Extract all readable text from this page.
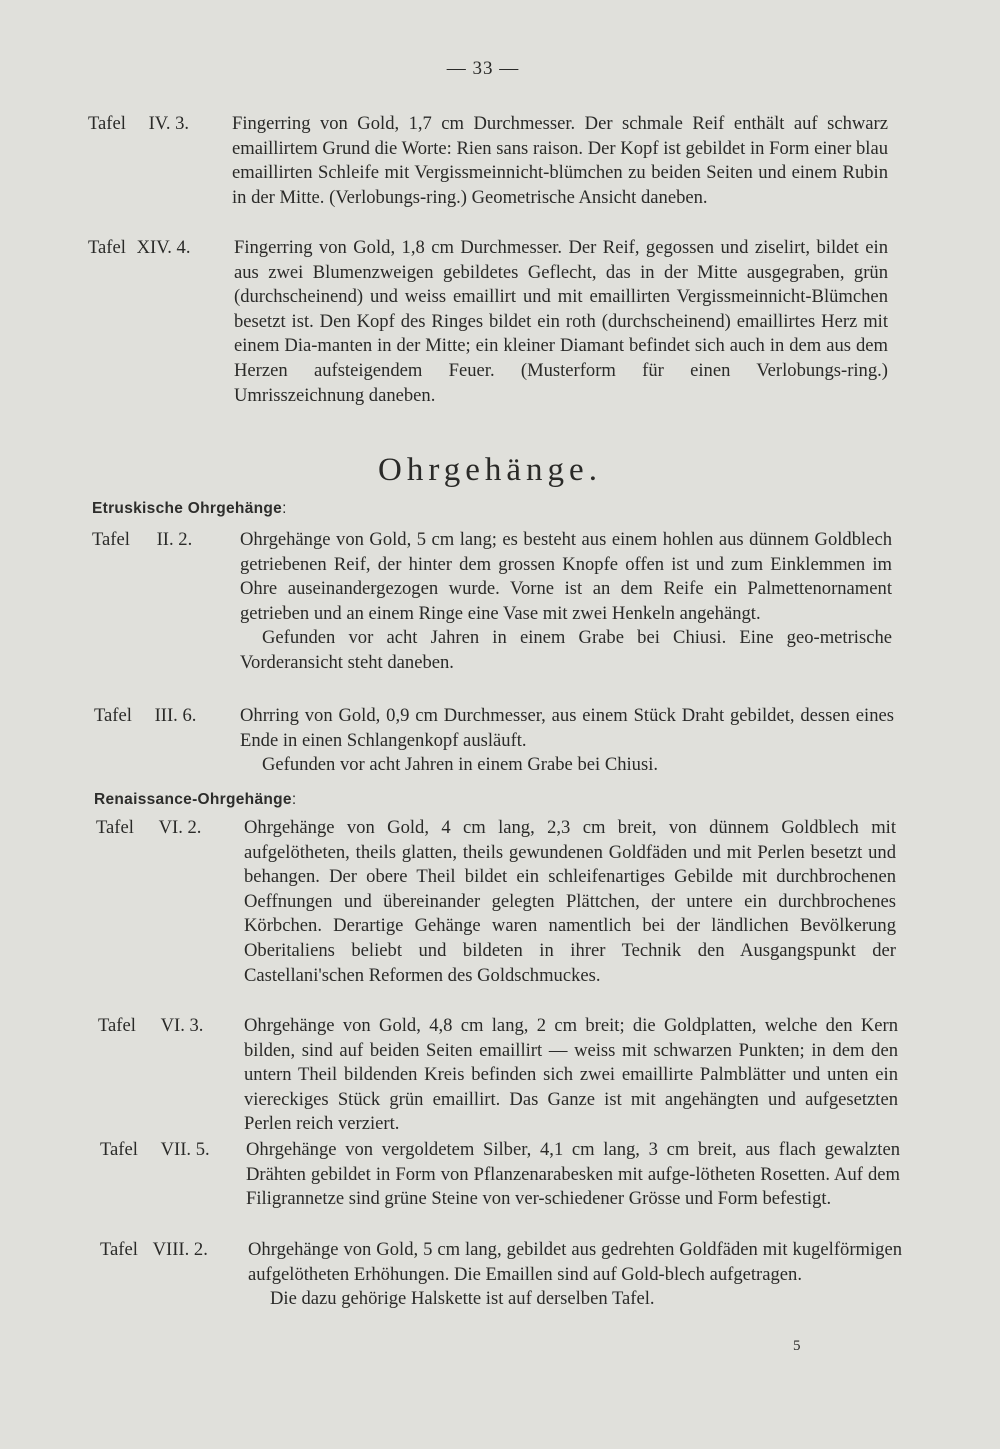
— 33 —
Tafel IV. 3. Fingerring von Gold, 1,7 cm Durchmesser. Der schmale Reif enthält auf schwarz emaillirtem Grund die Worte: Rien sans raison. Der Kopf ist gebildet in Form einer blau emaillirten Schleife mit Vergissmeinnicht-blümchen zu beiden Seiten und einem Rubin in der Mitte. (Verlobungs-ring.) Geometrische Ansicht daneben.

Tafel XIV. 4. Fingerring von Gold, 1,8 cm Durchmesser. Der Reif, gegossen und ziselirt, bildet ein aus zwei Blumenzweigen gebildetes Geflecht, das in der Mitte ausgegraben, grün (durchscheinend) und weiss emaillirt und mit emaillirten Vergissmeinnicht-Blümchen besetzt ist. Den Kopf des Ringes bildet ein roth (durchscheinend) emaillirtes Herz mit einem Dia-manten in der Mitte; ein kleiner Diamant befindet sich auch in dem aus dem Herzen aufsteigendem Feuer. (Musterform für einen Verlobungs-ring.) Umrisszeichnung daneben.

Ohrgehänge.
Etruskische Ohrgehänge:
Tafel II. 2.	Ohrgehänge von Gold, 5 cm lang; es besteht aus einem hohlen aus dünnem Goldblech getriebenen Reif, der hinter dem grossen Knopfe offen ist und zum Einklemmen im Ohre auseinandergezogen wurde. Vorne ist an dem Reife ein Palmettenornament getrieben und an einem Ringe eine Vase mit zwei Henkeln angehängt.

Gefunden vor acht Jahren in einem Grabe bei Chiusi. Eine geo-metrische Vorderansicht steht daneben.

Tafel III. 6. Ohrring von Gold, 0,9 cm Durchmesser, aus einem Stück Draht gebildet, dessen eines Ende in einen Schlangenkopf ausläuft.

Gefunden vor acht Jahren in einem Grabe bei Chiusi.

Renaissance-Ohrgehänge:
Tafel VI. 2. Ohrgehänge von Gold, 4 cm lang, 2,3 cm breit, von dünnem Goldblech mit aufgelötheten, theils glatten, theils gewundenen Goldfäden und mit Perlen besetzt und behangen. Der obere Theil bildet ein schleifenartiges Gebilde mit durchbrochenen Oeffnungen und übereinander gelegten Plättchen, der untere ein durchbrochenes Körbchen. Derartige Gehänge waren namentlich bei der ländlichen Bevölkerung Oberitaliens beliebt und bildeten in ihrer Technik den Ausgangspunkt der Castellani'schen Reformen des Goldschmuckes.

Tafel VI. 3. Ohrgehänge von Gold, 4,8 cm lang, 2 cm breit; die Goldplatten, welche den Kern bilden, sind auf beiden Seiten emaillirt — weiss mit schwarzen Punkten; in dem den untern Theil bildenden Kreis befinden sich zwei emaillirte Palmblätter und unten ein viereckiges Stück grün emaillirt. Das Ganze ist mit angehängten und aufgesetzten Perlen reich verziert.

Tafel VII. 5. Ohrgehänge von vergoldetem Silber, 4,1 cm lang, 3 cm breit, aus flach gewalzten Drähten gebildet in Form von Pflanzenarabesken mit aufge-lötheten Rosetten. Auf dem Filigrannetze sind grüne Steine von ver-schiedener Grösse und Form befestigt.

Tafel VIII. 2. Ohrgehänge von Gold, 5 cm lang, gebildet aus gedrehten Goldfäden mit kugelförmigen aufgelötheten Erhöhungen. Die Emaillen sind auf Gold-blech aufgetragen.

Die dazu gehörige Halskette ist auf derselben Tafel.

5
